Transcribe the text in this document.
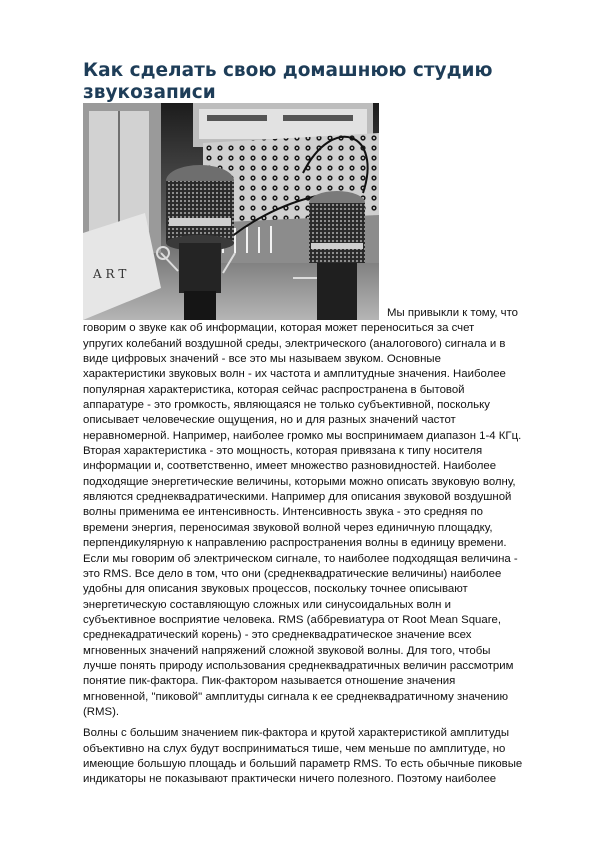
Как сделать свою домашнюю студию звукозаписи
A R T
Мы привыкли к тому, что
говорим о звуке как об информации, которая может переноситься за счет
упругих колебаний воздушной среды, электрического (аналогового) сигнала и в
виде цифровых значений - все это мы называем звуком. Основные
характеристики звуковых волн - их частота и амплитудные значения. Наиболее
популярная характеристика, которая сейчас распространена в бытовой
аппаратуре - это громкость, являющаяся не только субъективной, поскольку
описывает человеческие ощущения, но и для разных значений частот
неравномерной. Например, наиболее громко мы воспринимаем диапазон 1-4 КГц.
Вторая характеристика - это мощность, которая привязана к типу носителя
информации и, соответственно, имеет множество разновидностей. Наиболее
подходящие энергетические величины, которыми можно описать звуковую волну,
являются среднеквадратическими. Например для описания звуковой воздушной
волны применима ее интенсивность. Интенсивность звука - это средняя по
времени энергия, переносимая звуковой волной через единичную площадку,
перпендикулярную к направлению распространения волны в единицу времени.
Если мы говорим об электрическом сигнале, то наиболее подходящая величина -
это RMS. Все дело в том, что они (среднеквадратические величины) наиболее
удобны для описания звуковых процессов, поскольку точнее описывают
энергетическую составляющую сложных или синусоидальных волн и
субъективное восприятие человека. RMS (аббревиатура от Root Mean Square,
среднекадратический корень) - это среднеквадратическое значение всех
мгновенных значений напряжений сложной звуковой волны. Для того, чтобы
лучше понять природу использования среднеквадратичных величин рассмотрим
понятие пик-фактора. Пик-фактором называется отношение значения
мгновенной, "пиковой" амплитуды сигнала к ее среднеквадратичному значению
(RMS).
Волны с большим значением пик-фактора и крутой характеристикой амплитуды
объективно на слух будут восприниматься тише, чем меньше по амплитуде, но
имеющие большую площадь и больший параметр RMS. То есть обычные пиковые
индикаторы не показывают практически ничего полезного. Поэтому наиболее
